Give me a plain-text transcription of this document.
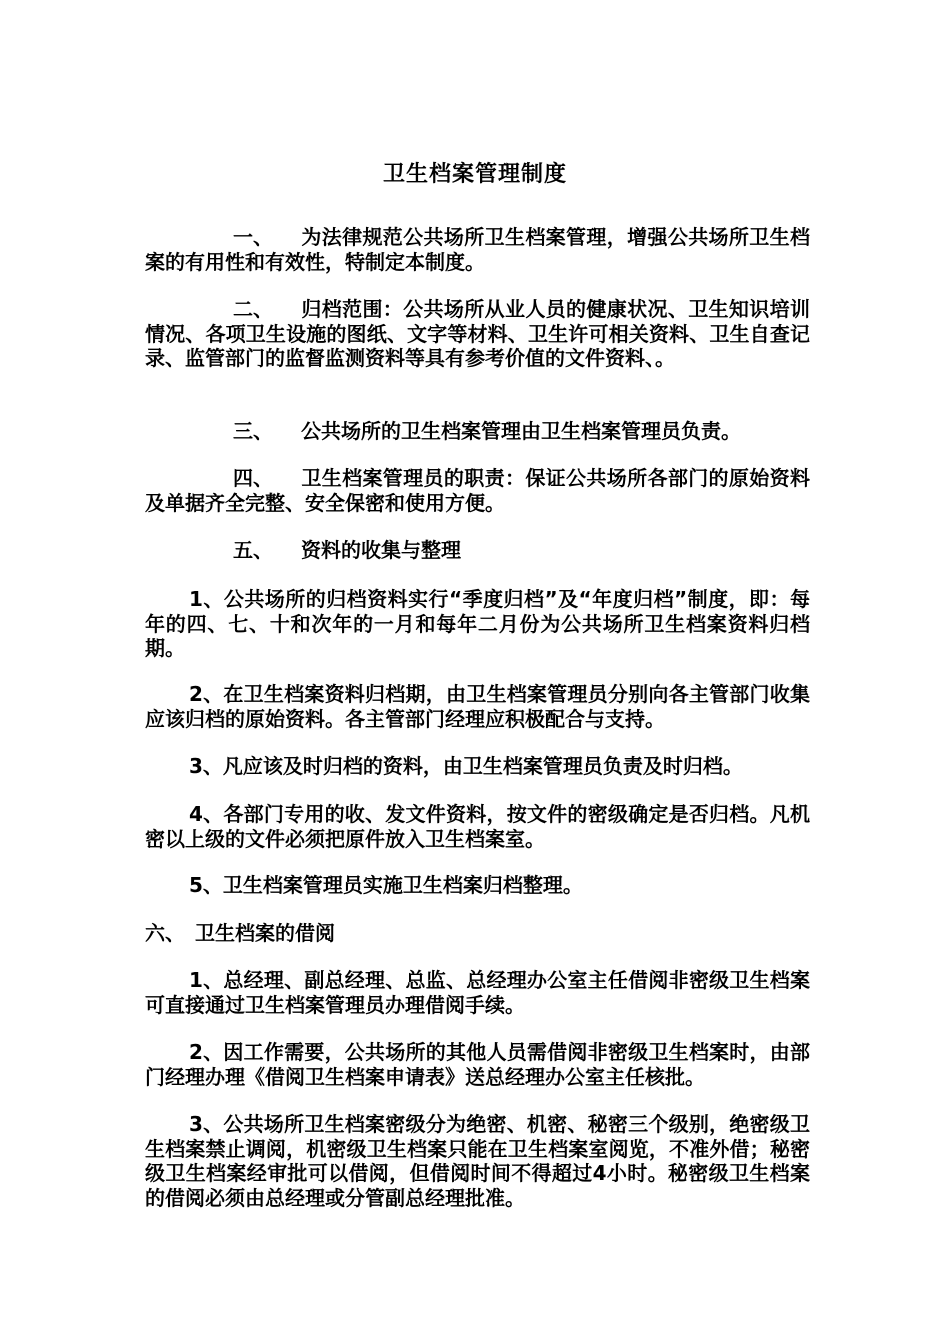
卫生档案管理制度

一、 为法律规范公共场所卫生档案管理，增强公共场所卫生档案的有用性和有效性，特制定本制度。

二、 归档范围：公共场所从业人员的健康状况、卫生知识培训情况、各项卫生设施的图纸、文字等材料、卫生许可相关资料、卫生自查记录、监管部门的监督监测资料等具有参考价值的文件资料、。

三、 公共场所的卫生档案管理由卫生档案管理员负责。

四、 卫生档案管理员的职责：保证公共场所各部门的原始资料及单据齐全完整、安全保密和使用方便。

五、 资料的收集与整理

1、公共场所的归档资料实行“季度归档”及“年度归档”制度，即：每年的四、七、十和次年的一月和每年二月份为公共场所卫生档案资料归档期。

2、在卫生档案资料归档期，由卫生档案管理员分别向各主管部门收集应该归档的原始资料。各主管部门经理应积极配合与支持。

3、凡应该及时归档的资料，由卫生档案管理员负责及时归档。

4、各部门专用的收、发文件资料，按文件的密级确定是否归档。凡机密以上级的文件必须把原件放入卫生档案室。

5、卫生档案管理员实施卫生档案归档整理。

六、 卫生档案的借阅

1、总经理、副总经理、总监、总经理办公室主任借阅非密级卫生档案可直接通过卫生档案管理员办理借阅手续。

2、因工作需要，公共场所的其他人员需借阅非密级卫生档案时，由部门经理办理《借阅卫生档案申请表》送总经理办公室主任核批。

3、公共场所卫生档案密级分为绝密、机密、秘密三个级别，绝密级卫生档案禁止调阅，机密级卫生档案只能在卫生档案室阅览，不准外借；秘密级卫生档案经审批可以借阅，但借阅时间不得超过4小时。秘密级卫生档案的借阅必须由总经理或分管副总经理批准。
